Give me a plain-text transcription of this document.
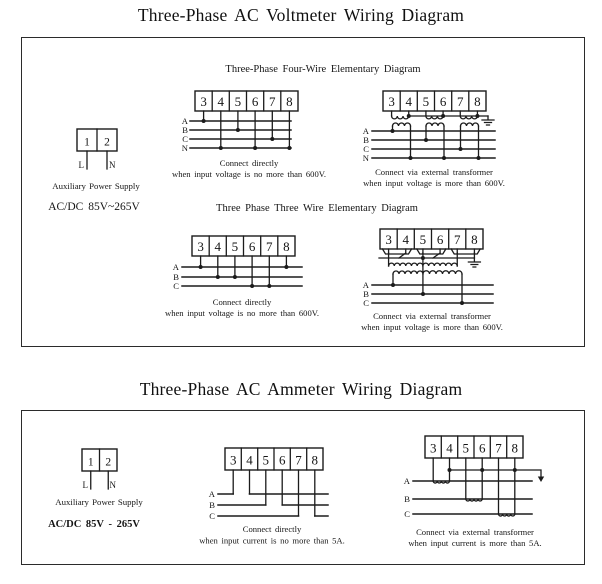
Three-Phase AC Voltmeter Wiring Diagram
Three-Phase Four-Wire Elementary Diagram
1 2
L	N
Auxiliary Power Supply
AC/DC 85V~265V
3 4 5 6 7 8
A
B
C
N
Connect directly
when input voltage is no more than 600V.
3 4 5 6 7 8
A
B
C
N
Connect via external transformer
when input voltage is more than 600V.
Three Phase Three Wire Elementary Diagram
3 4 5 6 7 8
A
B
C
Connect directly
when input voltage is no more than 600V.
3 4 5 6 7 8
A
B
C
Connect via external transformer
when input voltage is more than 600V.
Three-Phase AC Ammeter Wiring Diagram
1 2
L N
Auxiliary Power Supply
AC/DC 85V - 265V
3 4 5 6 7 8
A
B
C
Connect directly
when input current is no more than 5A.
3 4 5 6 7 8
A
B
C
Connect via external transformer
when input current is more than 5A.
